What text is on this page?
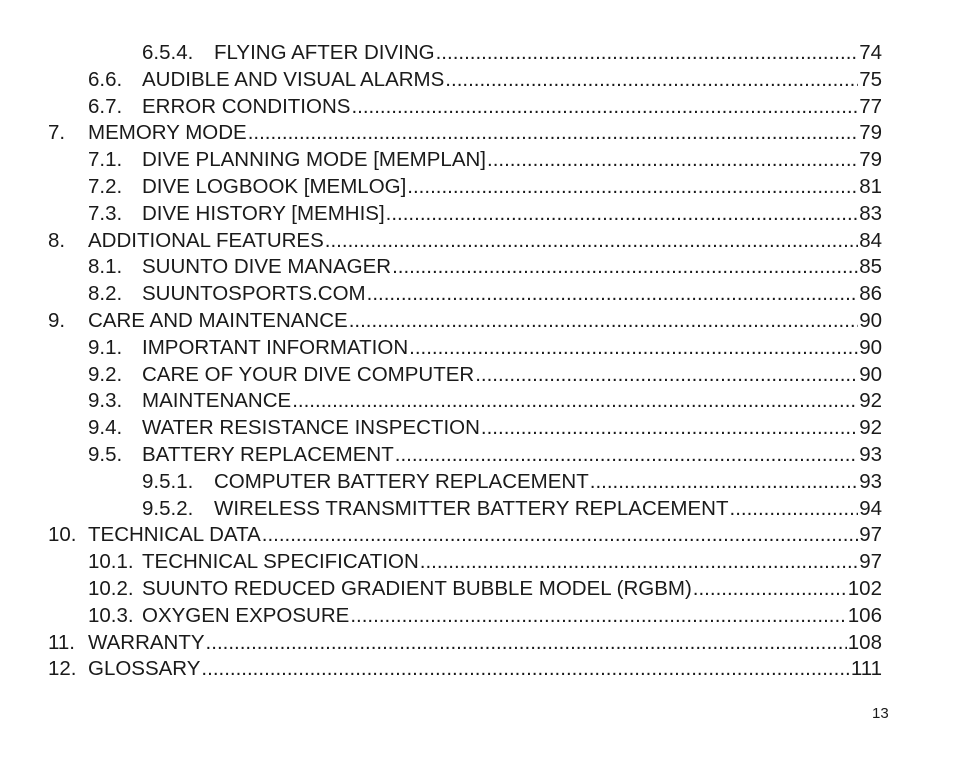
6.5.4. FLYING AFTER DIVING .....	74
6.6. AUDIBLE AND VISUAL ALARMS .....	75
6.7. ERROR CONDITIONS .....	77
7. MEMORY MODE .....	79
7.1. DIVE PLANNING MODE [MEMPLAN] .....	79
7.2. DIVE LOGBOOK [MEMLOG] .....	81
7.3. DIVE HISTORY [MEMHIS] .....	83
8. ADDITIONAL FEATURES .....	84
8.1. SUUNTO DIVE MANAGER .....	85
8.2. SUUNTOSPORTS.COM .....	86
9. CARE AND MAINTENANCE .....	90
9.1. IMPORTANT INFORMATION .....	90
9.2. CARE OF YOUR DIVE COMPUTER .....	90
9.3. MAINTENANCE .....	92
9.4. WATER RESISTANCE INSPECTION .....	92
9.5. BATTERY REPLACEMENT .....	93
9.5.1. COMPUTER BATTERY REPLACEMENT .....	93
9.5.2. WIRELESS TRANSMITTER BATTERY REPLACEMENT .....	94
10. TECHNICAL DATA .....	97
10.1. TECHNICAL SPECIFICATION .....	97
10.2. SUUNTO REDUCED GRADIENT BUBBLE MODEL (RGBM) .....	102
10.3. OXYGEN EXPOSURE .....	106
11. WARRANTY .....	108
12. GLOSSARY .....	111
13
